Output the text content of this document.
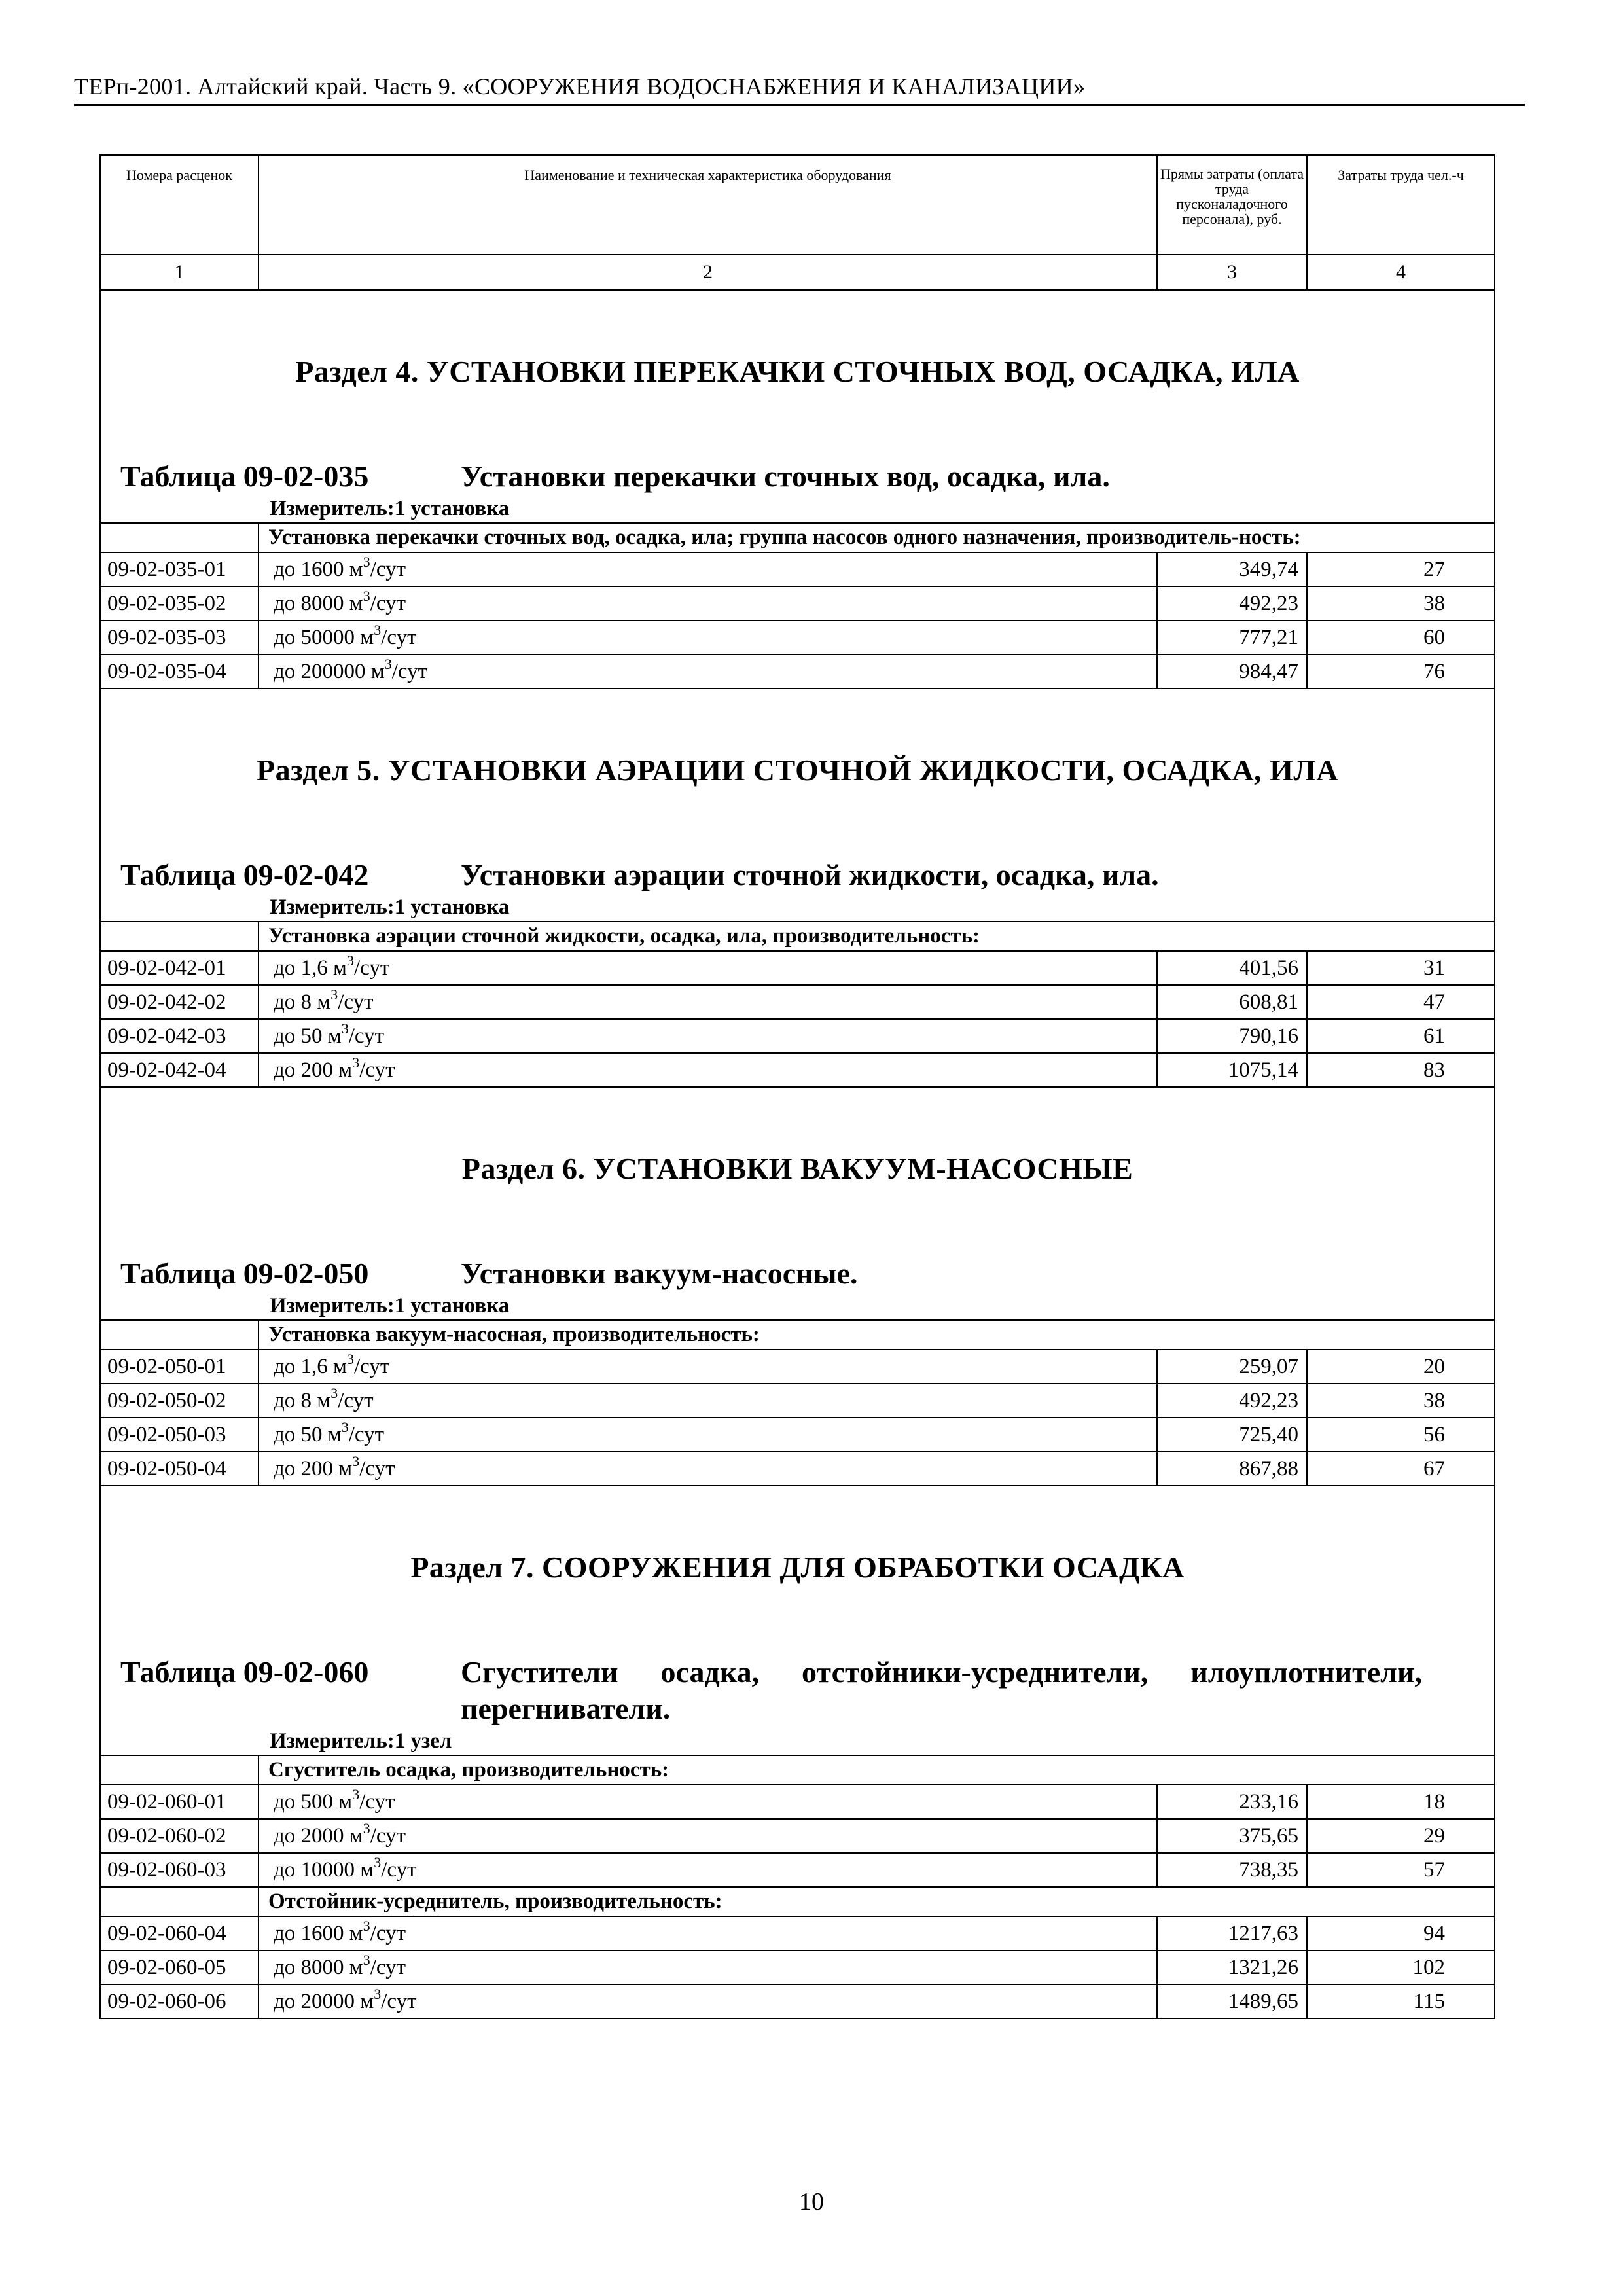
ТЕРп-2001. Алтайский край. Часть 9. «СООРУЖЕНИЯ ВОДОСНАБЖЕНИЯ И КАНАЛИЗАЦИИ»
Номера расценок	Наименование и техническая характеристика оборудования	Прямы затраты (оплата труда пусконаладочного персонала), руб.	Затраты труда чел.-ч
1	2	3	4

Раздел 4. УСТАНОВКИ ПЕРЕКАЧКИ СТОЧНЫХ ВОД, ОСАДКА, ИЛА
Таблица 09-02-035 Установки перекачки сточных вод, осадка, ила.
Измеритель:1 установка			

	Установка перекачки сточных вод, осадка, ила; группа насосов одного назначения, производитель-ность:		
09-02-035-01	до 1600 $м^3$/сут	349,74	27
09-02-035-02	до 8000 $м^3$/сут	492,23	38
09-02-035-03	до 50000 $м^3$/сут	777,21	60
09-02-035-04	до 200000 $м^3$/сут	984,47	76

Раздел 5. УСТАНОВКИ АЭРАЦИИ СТОЧНОЙ ЖИДКОСТИ, ОСАДКА, ИЛА
Таблица 09-02-042 Установки аэрации сточной жидкости, осадка, ила.
Измеритель:1 установка			

	Установка аэрации сточной жидкости, осадка, ила, производительность:		
09-02-042-01	до 1,6 $м^3$/сут	401,56	31
09-02-042-02	до 8 $м^3$/сут	608,81	47
09-02-042-03	до 50 $м^3$/сут	790,16	61
09-02-042-04	до 200 $м^3$/сут	1075,14	83

Раздел 6. УСТАНОВКИ ВАКУУМ-НАСОСНЫЕ
Таблица 09-02-050 Установки вакуум-насосные.
Измеритель:1 установка			

	Установка вакуум-насосная, производительность:		
09-02-050-01	до 1,6 $м^3$/сут	259,07	20
09-02-050-02	до 8 $м^3$/сут	492,23	38
09-02-050-03	до 50 $м^3$/сут	725,40	56
09-02-050-04	до 200 $м^3$/сут	867,88	67

Раздел 7. СООРУЖЕНИЯ ДЛЯ ОБРАБОТКИ ОСАДКА
Таблица 09-02-060 Сгустители осадка, отстойники-усреднители, илоуплотнители, перегниватели.
Измеритель:1 узел			

	Сгуститель осадка, производительность:		
09-02-060-01	до 500 $м^3$/сут	233,16	18
09-02-060-02	до 2000 $м^3$/сут	375,65	29
09-02-060-03	до 10000 $м^3$/сут	738,35	57
	Отстойник-усреднитель, производительность:		
09-02-060-04	до 1600 $м^3$/сут	1217,63	94
09-02-060-05	до 8000 $м^3$/сут	1321,26	102
09-02-060-06	до 20000 $м^3$/сут	1489,65	115
10
